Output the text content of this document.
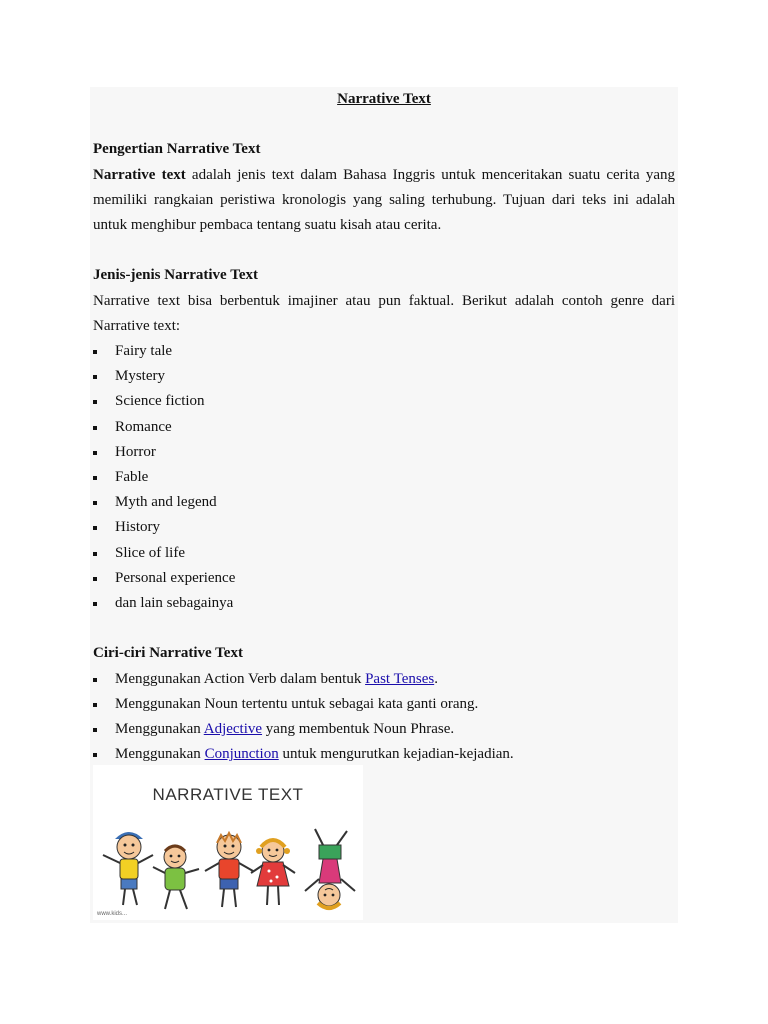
Narrative Text
Pengertian Narrative Text

Narrative text adalah jenis text dalam Bahasa Inggris untuk menceritakan suatu cerita yang memiliki rangkaian peristiwa kronologis yang saling terhubung. Tujuan dari teks ini adalah untuk menghibur pembaca tentang suatu kisah atau cerita.

Jenis-jenis Narrative Text

Narrative text bisa berbentuk imajiner atau pun faktual. Berikut adalah contoh genre dari Narrative text:

Fairy tale
Mystery
Science fiction
Romance
Horror
Fable
Myth and legend
History
Slice of life
Personal experience
dan lain sebagainya
Ciri-ciri Narrative Text
Menggunakan Action Verb dalam bentuk Past Tenses.
Menggunakan Noun tertentu untuk sebagai kata ganti orang.
Menggunakan Adjective yang membentuk Noun Phrase.
Menggunakan Conjunction untuk mengurutkan kejadian-kejadian.
NARRATIVE TEXT
www.kids...
